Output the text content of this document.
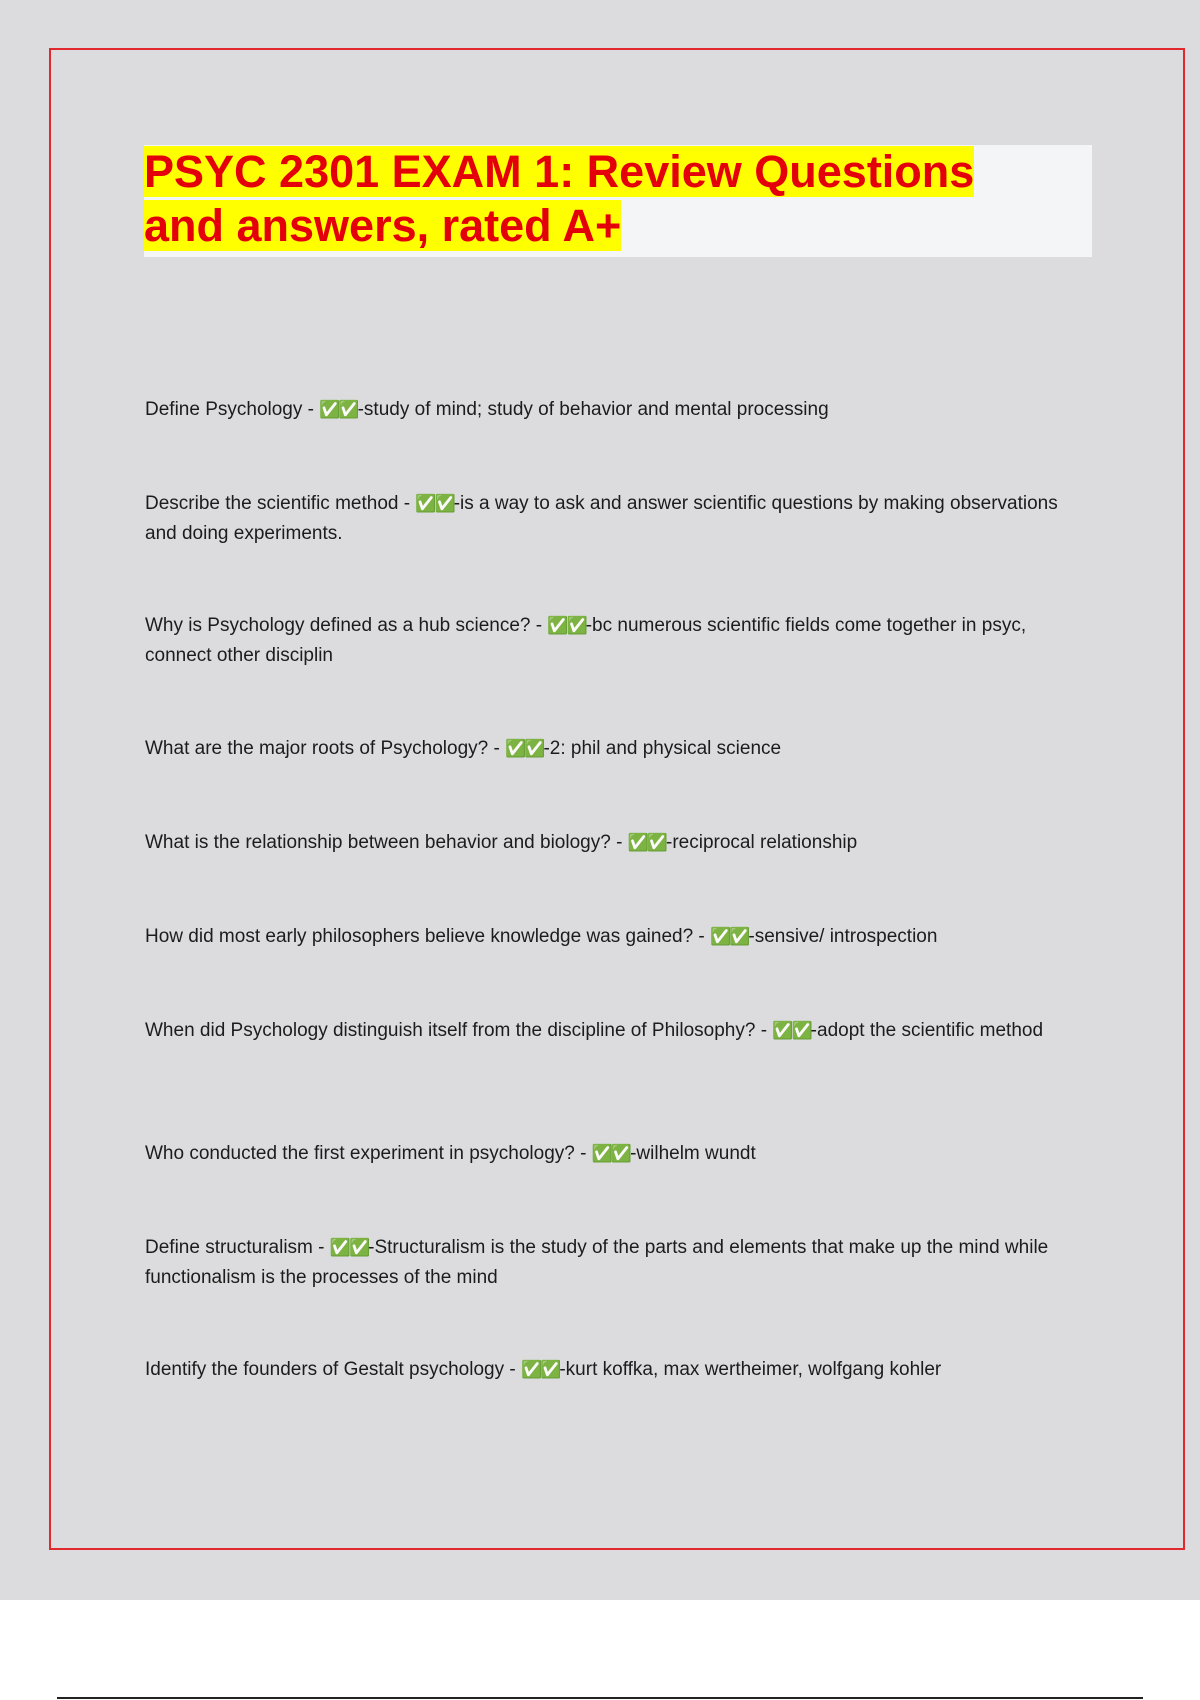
PSYC 2301 EXAM 1: Review Questions and answers, rated A+

Define Psychology - ✅✅-study of mind; study of behavior and mental processing

Describe the scientific method - ✅✅-is a way to ask and answer scientific questions by making observations and doing experiments.

Why is Psychology defined as a hub science? - ✅✅-bc numerous scientific fields come together in psyc, connect other disciplin

What are the major roots of Psychology? - ✅✅-2: phil and physical science

What is the relationship between behavior and biology? - ✅✅-reciprocal relationship

How did most early philosophers believe knowledge was gained? - ✅✅-sensive/ introspection

When did Psychology distinguish itself from the discipline of Philosophy? - ✅✅-adopt the scientific method

Who conducted the first experiment in psychology? - ✅✅-wilhelm wundt

Define structuralism - ✅✅-Structuralism is the study of the parts and elements that make up the mind while functionalism is the processes of the mind

Identify the founders of Gestalt psychology - ✅✅-kurt koffka, max wertheimer, wolfgang kohler
